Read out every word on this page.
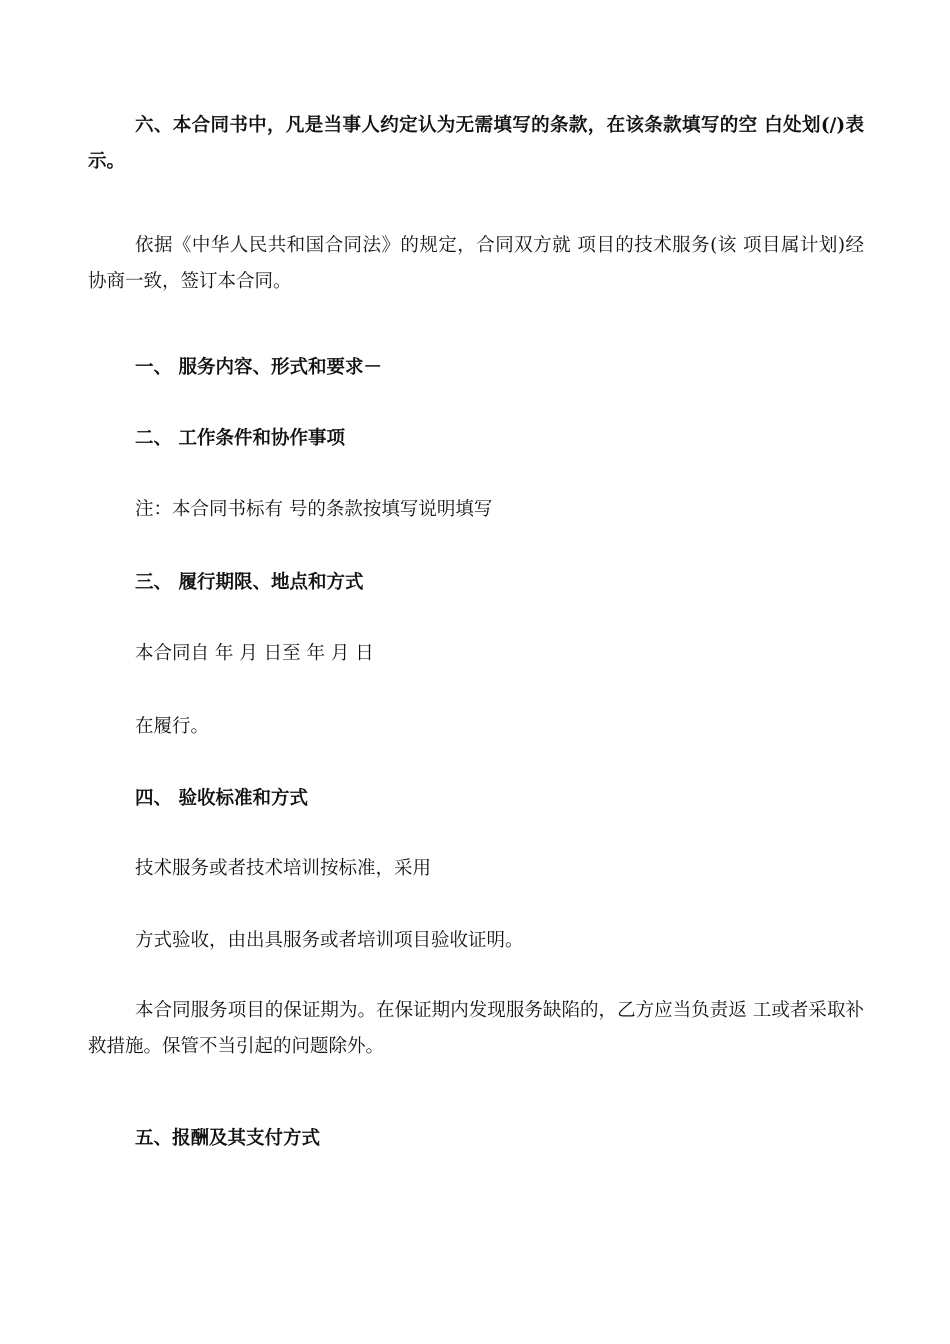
六、本合同书中，凡是当事人约定认为无需填写的条款，在该条款填写的空 白处划(/)表示。

依据《中华人民共和国合同法》的规定，合同双方就 项目的技术服务(该 项目属计划)经协商一致，签订本合同。

一、 服务内容、形式和要求－

二、 工作条件和协作事项

注：本合同书标有 号的条款按填写说明填写

三、 履行期限、地点和方式

本合同自 年 月 日至 年 月 日

在履行。

四、 验收标准和方式

技术服务或者技术培训按标准，采用

方式验收，由出具服务或者培训项目验收证明。

本合同服务项目的保证期为。在保证期内发现服务缺陷的，乙方应当负责返 工或者采取补救措施。保管不当引起的问题除外。

五、报酬及其支付方式
